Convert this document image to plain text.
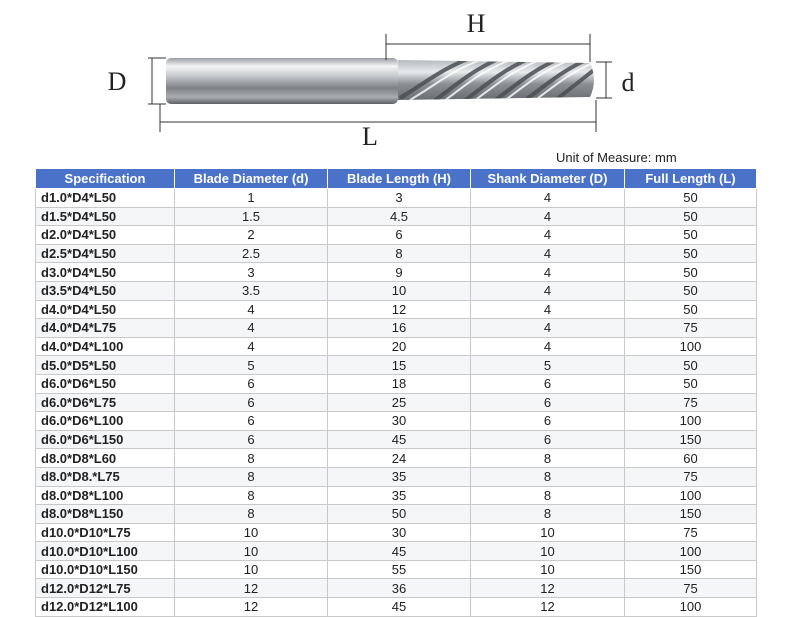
H
D	d
L
Unit of Measure: mm
Specification	Blade Diameter (d)	Blade Length (H)	Shank Diameter (D)	Full Length (L)
d1.0*D4*L50	1	3	4	50
d1.5*D4*L50	1.5	4.5	4	50
d2.0*D4*L50	2	6	4	50
d2.5*D4*L50	2.5	8	4	50
d3.0*D4*L50	3	9	4	50
d3.5*D4*L50	3.5	10	4	50
d4.0*D4*L50	4	12	4	50
d4.0*D4*L75	4	16	4	75
d4.0*D4*L100	4	20	4	100
d5.0*D5*L50	5	15	5	50
d6.0*D6*L50	6	18	6	50
d6.0*D6*L75	6	25	6	75
d6.0*D6*L100	6	30	6	100
d6.0*D6*L150	6	45	6	150
d8.0*D8*L60	8	24	8	60
d8.0*D8.*L75	8	35	8	75
d8.0*D8*L100	8	35	8	100
d8.0*D8*L150	8	50	8	150
d10.0*D10*L75	10	30	10	75
d10.0*D10*L100	10	45	10	100
d10.0*D10*L150	10	55	10	150
d12.0*D12*L75	12	36	12	75
d12.0*D12*L100	12	45	12	100
